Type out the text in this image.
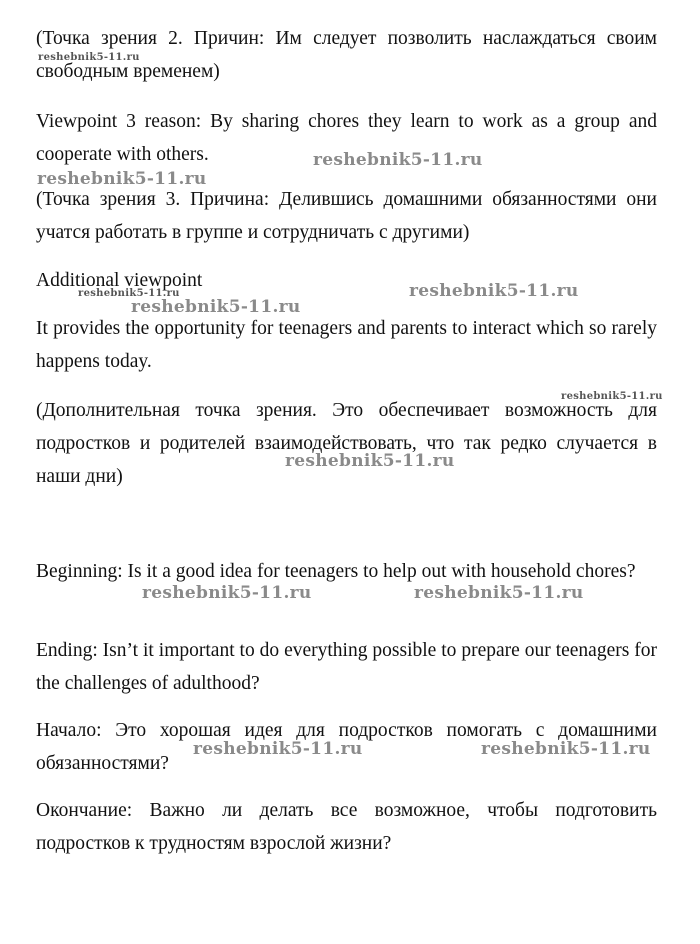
(Точка зрения 2. Причин: Им следует позволить наслаждаться своим свободным временем)

Viewpoint 3 reason: By sharing chores they learn to work as a group and cooperate with others.

(Точка зрения 3. Причина: Делившись домашними обязанностями они учатся работать в группе и сотрудничать с другими)

Additional viewpoint

It provides the opportunity for teenagers and parents to interact which so rarely happens today.

(Дополнительная точка зрения. Это обеспечивает возможность для подростков и родителей взаимодействовать, что так редко случается в наши дни)

Beginning: Is it a good idea for teenagers to help out with household chores?

Ending: Isn’t it important to do everything possible to prepare our teenagers for the challenges of adulthood?

Начало: Это хорошая идея для подростков помогать с домашними обязанностями?

Окончание: Важно ли делать все возможное, чтобы подготовить подростков к трудностям взрослой жизни?

reshebnik5-11.ru
reshebnik5-11.ru
reshebnik5-11.ru
reshebnik5-11.ru
reshebnik5-11.ru
reshebnik5-11.ru
reshebnik5-11.ru
reshebnik5-11.ru
reshebnik5-11.ru	reshebnik5-11.ru
reshebnik5-11.ru	reshebnik5-11.ru
